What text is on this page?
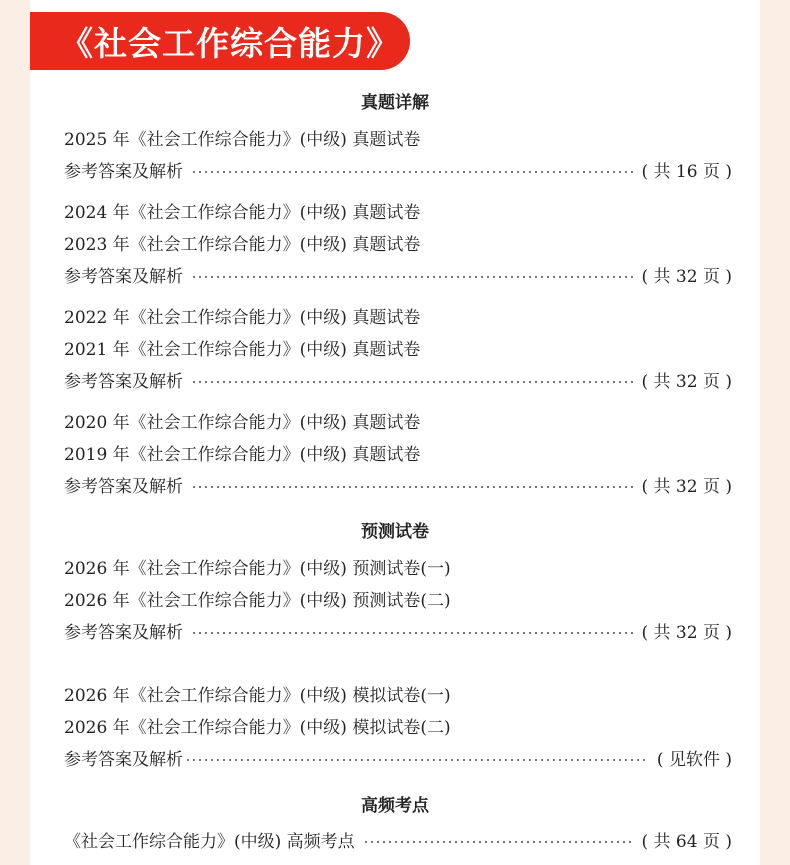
《社会工作综合能力》
真题详解
2025 年《社会工作综合能力》(中级) 真题试卷
参考答案及解析	( 共 16 页 )
2024 年《社会工作综合能力》(中级) 真题试卷
2023 年《社会工作综合能力》(中级) 真题试卷
参考答案及解析	( 共 32 页 )
2022 年《社会工作综合能力》(中级) 真题试卷
2021 年《社会工作综合能力》(中级) 真题试卷
参考答案及解析	( 共 32 页 )
2020 年《社会工作综合能力》(中级) 真题试卷
2019 年《社会工作综合能力》(中级) 真题试卷
参考答案及解析	( 共 32 页 )
预测试卷
2026 年《社会工作综合能力》(中级) 预测试卷(一)
2026 年《社会工作综合能力》(中级) 预测试卷(二)
参考答案及解析	( 共 32 页 )
2026 年《社会工作综合能力》(中级) 模拟试卷(一)
2026 年《社会工作综合能力》(中级) 模拟试卷(二)
参考答案及解析	( 见软件 )
高频考点
《社会工作综合能力》(中级) 高频考点	( 共 64 页 )
